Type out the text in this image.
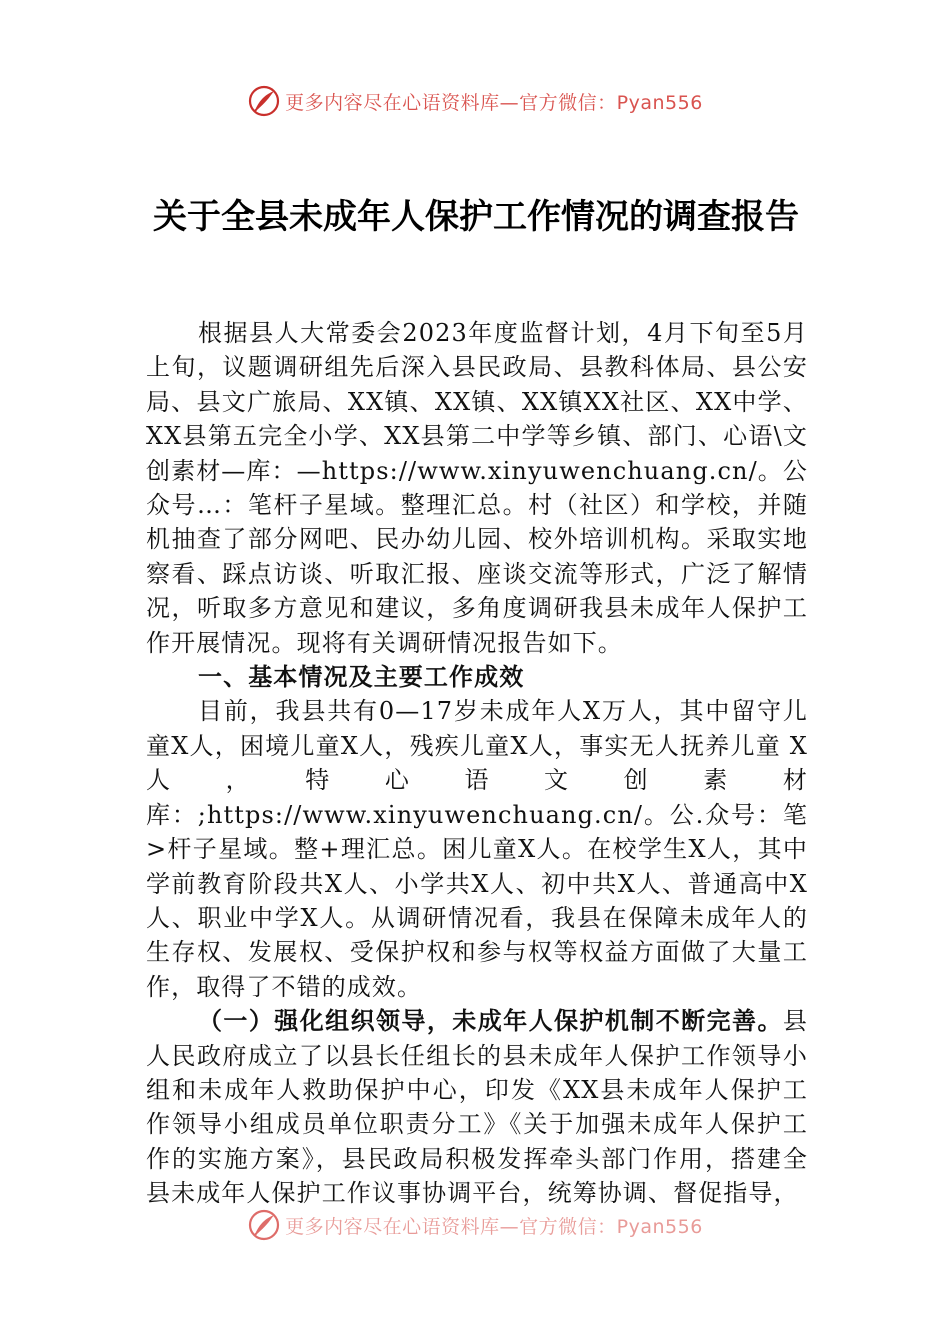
更多内容尽在心语资料库—官方微信：Pyan556
关于全县未成年人保护工作情况的调查报告

根据县人大常委会2023年度监督计划，4月下旬至5月上旬，议题调研组先后深入县民政局、县教科体局、县公安局、县文广旅局、XX镇、XX镇、XX镇XX社区、XX中学、XX县第五完全小学、XX县第二中学等乡镇、部门、心语\文创素材—库：—https://www.xinyuwenchuang.cn/。公众号…：笔杆子星域。整理汇总。村（社区）和学校，并随机抽查了部分网吧、民办幼儿园、校外培训机构。采取实地察看、踩点访谈、听取汇报、座谈交流等形式，广泛了解情况，听取多方意见和建议，多角度调研我县未成年人保护工作开展情况。现将有关调研情况报告如下。

一、基本情况及主要工作成效

目前，我县共有0—17岁未成年人X万人，其中留守儿童X人，困境儿童X人，残疾儿童X人，事实无人抚养儿童 X 人，特心语文创素材库：;https://www.xinyuwenchuang.cn/。公.众号：笔>杆子星域。整+理汇总。困儿童X人。在校学生X人，其中学前教育阶段共X人、小学共X人、初中共X人、普通高中X人、职业中学X人。从调研情况看，我县在保障未成年人的生存权、发展权、受保护权和参与权等权益方面做了大量工作，取得了不错的成效。

（一）强化组织领导，未成年人保护机制不断完善。县人民政府成立了以县长任组长的县未成年人保护工作领导小组和未成年人救助保护中心，印发《XX县未成年人保护工作领导小组成员单位职责分工》《关于加强未成年人保护工作的实施方案》，县民政局积极发挥牵头部门作用，搭建全县未成年人保护工作议事协调平台，统筹协调、督促指导，

更多内容尽在心语资料库—官方微信：Pyan556
